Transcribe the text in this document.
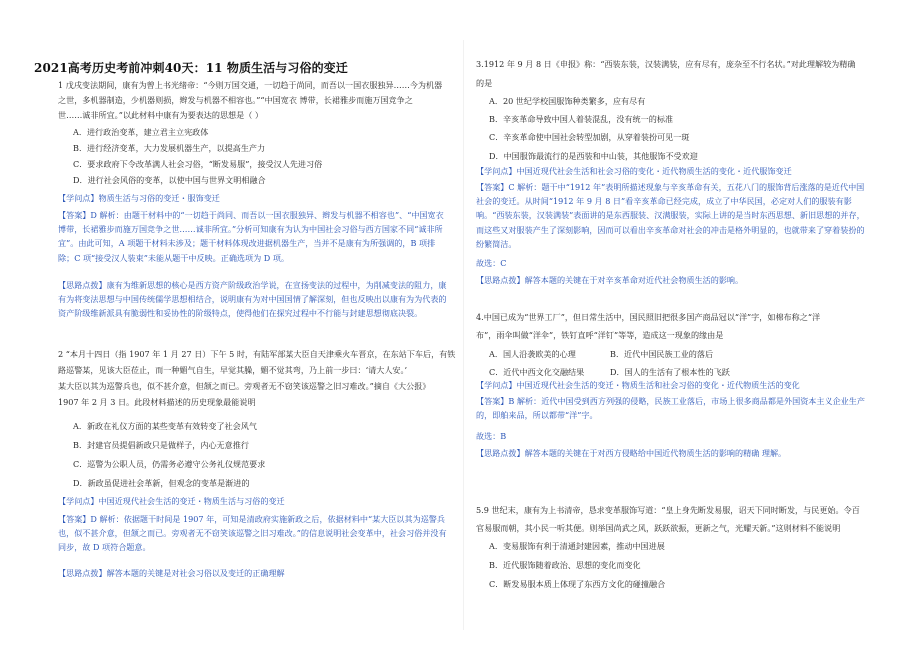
2021高考历史考前冲刺40天：11 物质生活与习俗的变迁
1 戊戌变法期间，康有为曾上书光绪帝：“今则万国交通，一切趋于尚同，而吾以一国衣服独异……今为机器
之世，多机器制造，少机器则损，辫发与机器不相容也。”“中国宽衣 博带，长裙雅步而施万国竞争之
世……诚非所宜。”以此材料中康有为要表达的思想是（ ）
A．进行政治变革，建立君主立宪政体
B．进行经济变革，大力发展机器生产，以提高生产力
C．要求政府下令改革满人社会习俗，“断发易服”，接受汉人先进习俗
D．进行社会风俗的变革，以使中国与世界文明相融合
【学问点】物质生活与习俗的变迁・服饰变迁
【答案】D 解析：由题干材料中的“一切趋于尚同、而吾以一国衣服独异、辫发与机器不相容也”、“中国宽衣博带，长裙雅步而施万国竞争之世……诚非所宜。”分析可知康有为认为中国社会习俗与西方国家不同“诚非所宜”。由此可知，A 项题干材料未涉及；题干材料体现改进据机器生产，当并不是康有为所强调的，B 项排除；C 项“接受汉人装束”未能从题干中反映。正确选项为 D 项。
【思路点拨】康有为维新思想的核心是西方资产阶级政治学说，在宣扬变法的过程中，为削减变法的阻力，康有为将变法思想与中国传统儒学思想相结合，说明康有为对中国国情了解深刻，但也反映出以康有为为代表的资产阶级维新派具有脆弱性和妥协性的阶级特点，使得他们在探究过程中不行能与封建思想彻底决裂。
2 “本月十四日（指 1907 年 1 月 27 日）下午 5 时，有陆军部某大臣自天津乘火车晋京，在东站下车后，有铁
路巡警某，见该大臣莅止，而一种媚气自生，早觉其臊，媚不觉其弯，乃上前一步曰：‘请大人安。’
某大臣以其为巡警兵也，似不甚介意，但颔之而已。旁观者无不窃笑该巡警之旧习难改。”摘自《大公报》
1907 年 2 月 3 日。此段材料描述的历史现象最能说明
A．新政在礼仪方面的某些变革有效转变了社会风气
B．封建官员提倡新政只是做样子，内心无意推行
C．巡警为公职人员，仍需务必遵守公务礼仪规范要求
D．新政虽促进社会革新，但观念的变革是渐进的
【学问点】中国近现代社会生活的变迁・物质生活与习俗的变迁
【答案】D 解析：依据题干时间是 1907 年，可知是清政府实施新政之后，依据材料中“某大臣以其为巡警兵也，似不甚介意，但颔之而已。旁观者无不窃笑该巡警之旧习难改。”的信息说明社会变革中，社会习俗并没有同步，故 D 项符合题意。
【思路点拨】解答本题的关键是对社会习俗以及变迁的正确理解
3.1912 年 9 月 8 日《申报》称：“西装东装，汉装满装，应有尽有，庞杂至不行名状。”对此理解较为精确
的是
A．20 世纪学校国服饰种类繁多，应有尽有
B．辛亥革命导致中国人着装混乱，没有统一的标准
C．辛亥革命使中国社会转型加剧，从穿着装扮可见一斑
D．中国服饰最流行的是西装和中山装，其他服饰不受欢迎
【学问点】中国近现代社会生活和社会习俗的变化・近代物质生活的变化・近代服饰变迁
【答案】C 解析：题干中“1912 年”表明所描述现象与辛亥革命有关，五花八门的服饰背后涨落的是近代中国社会的变迁。从时间“1912 年 9 月 8 日”看辛亥革命已经完成，成立了中华民国，必定对人们的服装有影响。“西装东装，汉装满装”表面讲的是东西服装、汉满服装，实际上讲的是当时东西思想、新旧思想的并存，而这些又对服装产生了深刻影响，因而可以看出辛亥革命对社会的冲击是格外明显的，也就带来了穿着装扮的纷繁简洁。
故选：C
【思路点拨】解答本题的关键在于对辛亥革命对近代社会物质生活的影响。
4.中国已成为“世界工厂”，但日常生活中，国民照旧把很多国产商品冠以“洋”字，如棉布称之“洋
布”，雨伞叫做“洋伞”，铁钉直呼“洋钉”等等，造成这一现象的缘由是
A．国人沿袭欧美的心理	B．近代中国民族工业的落后
C．近代中西文化交融结果	D．国人的生活有了根本性的飞跃
【学问点】中国近现代社会生活的变迁・物质生活和社会习俗的变化・近代物质生活的变化
【答案】B 解析：近代中国受到西方列强的侵略，民族工业落后，市场上很多商品都是外国资本主义企业生产的，即舶来品，所以都带“洋”字。
故选：B
【思路点拨】解答本题的关键在于对西方侵略给中国近代物质生活的影响的精确 理解。
5.9 世纪末，康有为上书清帝，恳求变革服饰写道：“皇上身先断发易服，诏天下同时断发，与民更始。令百
官易服而朝，其小民一听其便。则举国尚武之风，跃跃欲振，更新之气，光耀天新。”这则材料不能说明
A．变易服饰有利于清通封建因素，推动中国进展
B．近代服饰随着政治、思想的变化而变化
C．断发易服本质上体现了东西方文化的碰撞融合
